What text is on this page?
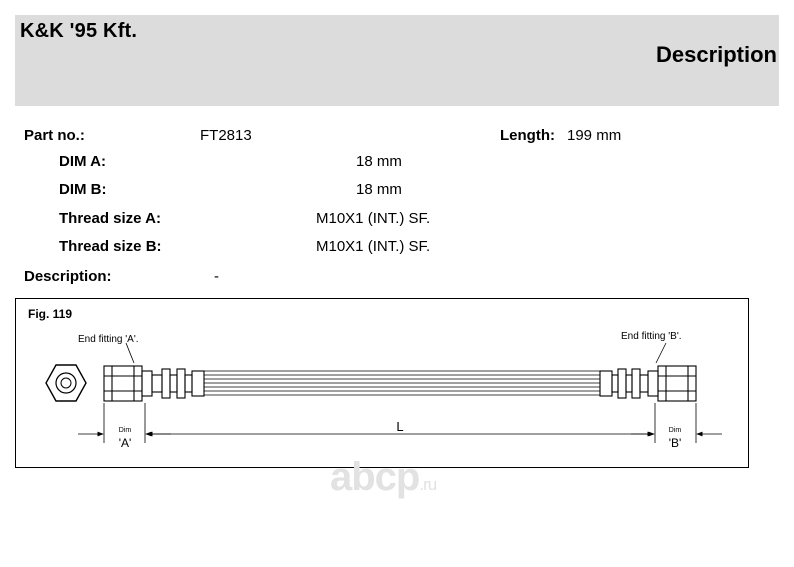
K&K '95 Kft.
Description
Part no.:	FT2813	Length: 199 mm
DIM A:	18 mm
DIM B:	18 mm
Thread size A:	M10X1 (INT.) SF.
Thread size B:	M10X1 (INT.) SF.
Description:	-
Fig. 119
End fitting 'A'.	End fitting 'B'.
L
Dim
'A'
Dim
'B'
abcp.ru
